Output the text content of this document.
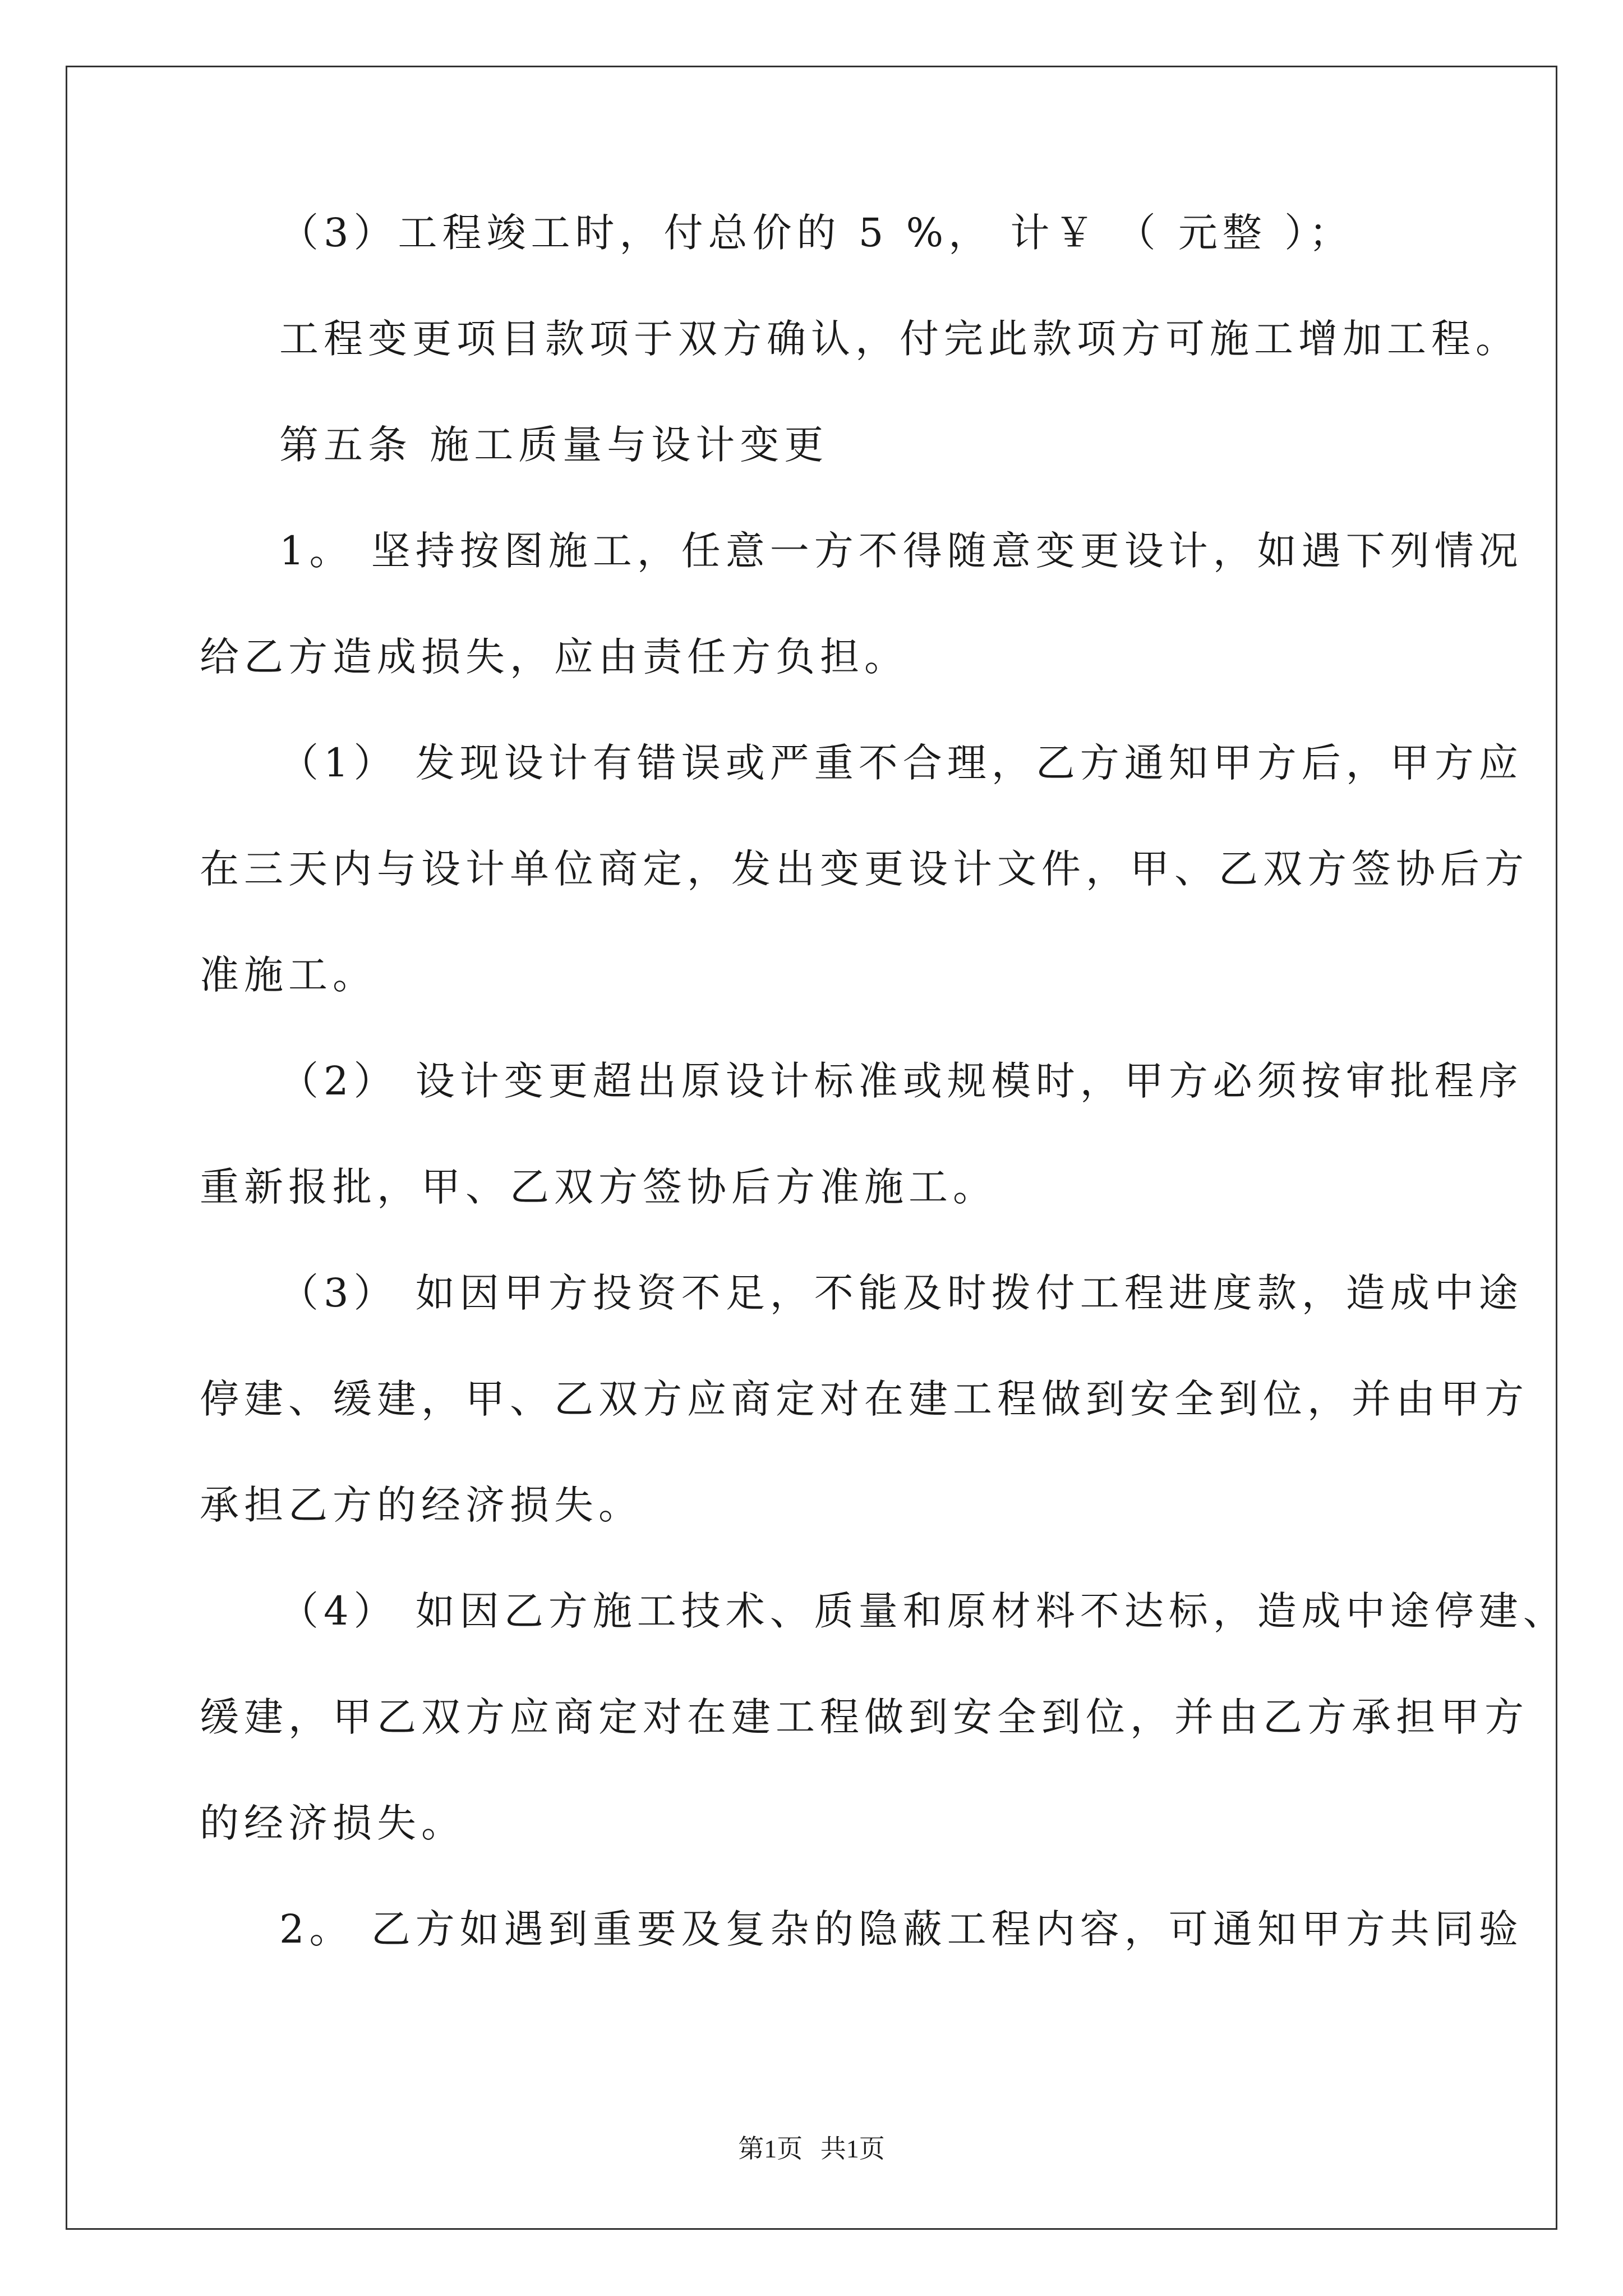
（3）工程竣工时，付总价的 5 %， 计￥ （ 元整 ）；
工程变更项目款项于双方确认，付完此款项方可施工增加工程。
第五条 施工质量与设计变更
1。 坚持按图施工，任意一方不得随意变更设计，如遇下列情况
给乙方造成损失，应由责任方负担。
（1） 发现设计有错误或严重不合理，乙方通知甲方后，甲方应
在三天内与设计单位商定，发出变更设计文件，甲、乙双方签协后方
准施工。
（2） 设计变更超出原设计标准或规模时，甲方必须按审批程序
重新报批，甲、乙双方签协后方准施工。
（3） 如因甲方投资不足，不能及时拨付工程进度款，造成中途
停建、缓建，甲、乙双方应商定对在建工程做到安全到位，并由甲方
承担乙方的经济损失。
（4） 如因乙方施工技术、质量和原材料不达标，造成中途停建、
缓建，甲乙双方应商定对在建工程做到安全到位，并由乙方承担甲方
的经济损失。
2。 乙方如遇到重要及复杂的隐蔽工程内容，可通知甲方共同验
第1页 共1页
